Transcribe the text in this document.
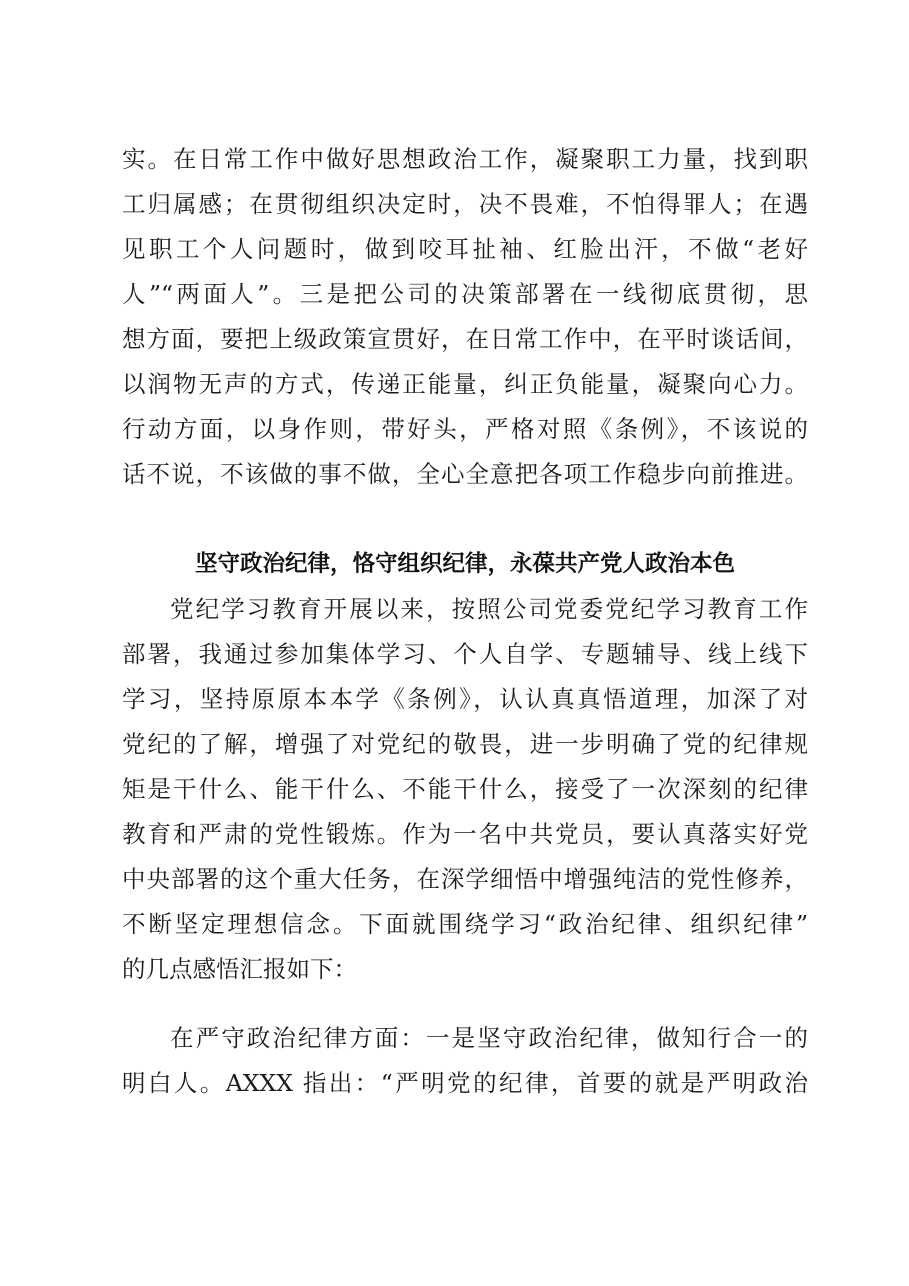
实。在日常工作中做好思想政治工作，凝聚职工力量，找到职
工归属感；在贯彻组织决定时，决不畏难，不怕得罪人；在遇
见职工个人问题时，做到咬耳扯袖、红脸出汗，不做“老好
人”“两面人”。三是把公司的决策部署在一线彻底贯彻，思
想方面，要把上级政策宣贯好，在日常工作中，在平时谈话间，
以润物无声的方式，传递正能量，纠正负能量，凝聚向心力。
行动方面，以身作则，带好头，严格对照《条例》，不该说的
话不说，不该做的事不做，全心全意把各项工作稳步向前推进。
坚守政治纪律，恪守组织纪律，永葆共产党人政治本色
党纪学习教育开展以来，按照公司党委党纪学习教育工作
部署，我通过参加集体学习、个人自学、专题辅导、线上线下
学习，坚持原原本本学《条例》，认认真真悟道理，加深了对
党纪的了解，增强了对党纪的敬畏，进一步明确了党的纪律规
矩是干什么、能干什么、不能干什么，接受了一次深刻的纪律
教育和严肃的党性锻炼。作为一名中共党员，要认真落实好党
中央部署的这个重大任务，在深学细悟中增强纯洁的党性修养，
不断坚定理想信念。下面就围绕学习“政治纪律、组织纪律”
的几点感悟汇报如下：
在严守政治纪律方面：一是坚守政治纪律，做知行合一的
明白人。AXXX 指出：“严明党的纪律，首要的就是严明政治
